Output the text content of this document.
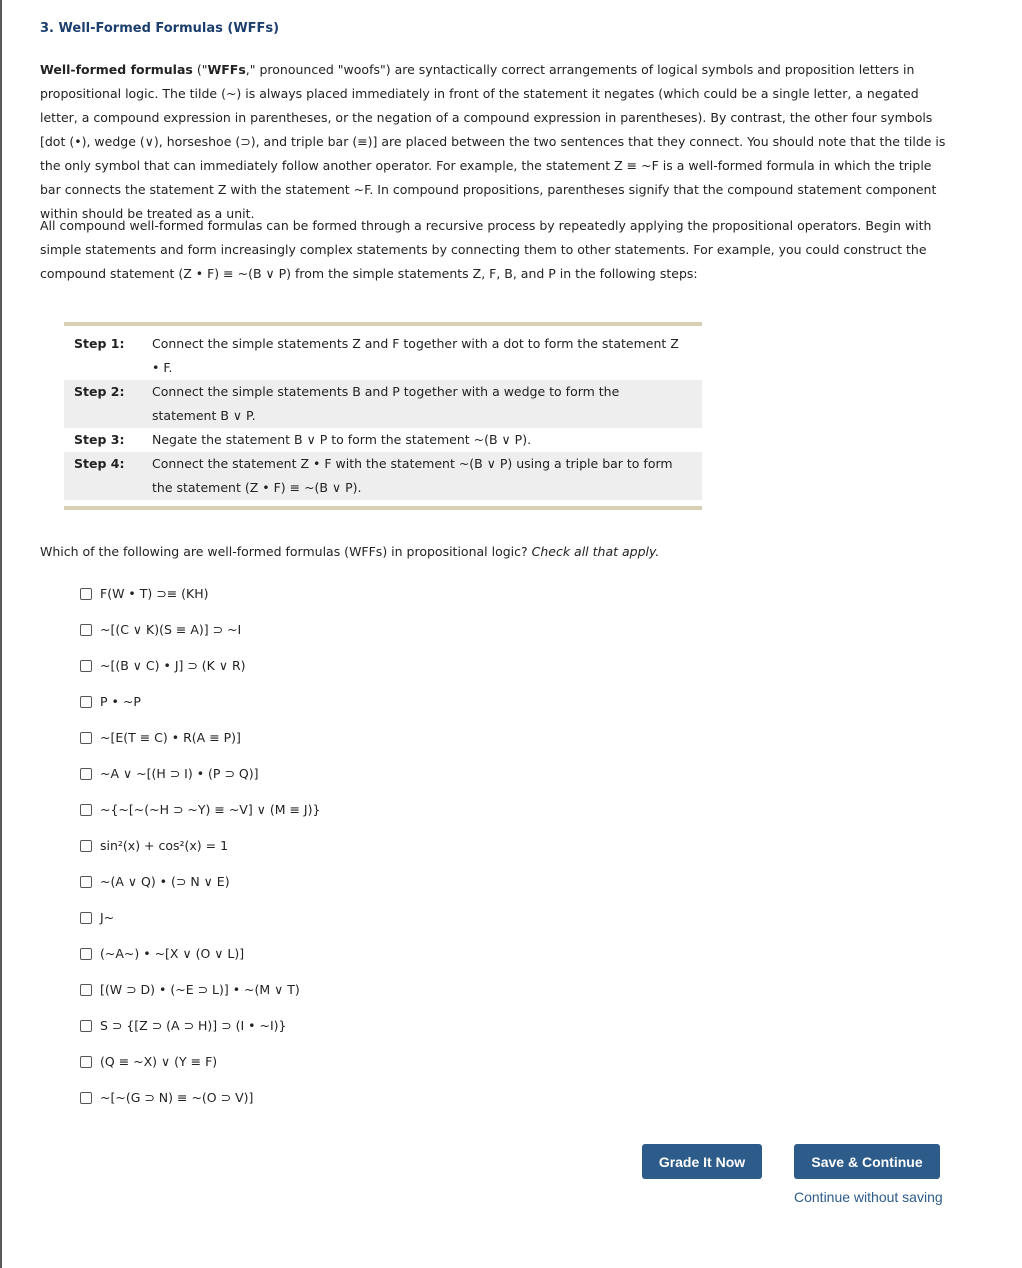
3. Well-Formed Formulas (WFFs)

Well-formed formulas ("WFFs," pronounced "woofs") are syntactically correct arrangements of logical symbols and proposition letters in propositional logic. The tilde (~) is always placed immediately in front of the statement it negates (which could be a single letter, a negated letter, a compound expression in parentheses, or the negation of a compound expression in parentheses). By contrast, the other four symbols [dot (•), wedge (∨), horseshoe (⊃), and triple bar (≡)] are placed between the two sentences that they connect. You should note that the tilde is the only symbol that can immediately follow another operator. For example, the statement Z ≡ ~F is a well-formed formula in which the triple bar connects the statement Z with the statement ~F. In compound propositions, parentheses signify that the compound statement component within should be treated as a unit.

All compound well-formed formulas can be formed through a recursive process by repeatedly applying the propositional operators. Begin with simple statements and form increasingly complex statements by connecting them to other statements. For example, you could construct the compound statement (Z • F) ≡ ~(B ∨ P) from the simple statements Z, F, B, and P in the following steps:

Step 1:	Connect the simple statements Z and F together with a dot to form the statement Z • F.
Step 2:	Connect the simple statements B and P together with a wedge to form the statement B ∨ P.
Step 3:	Negate the statement B ∨ P to form the statement ~(B ∨ P).
Step 4:	Connect the statement Z • F with the statement ~(B ∨ P) using a triple bar to form the statement (Z • F) ≡ ~(B ∨ P).

Which of the following are well-formed formulas (WFFs) in propositional logic? Check all that apply.

F(W • T) ⊃≡ (KH)
~[(C ∨ K)(S ≡ A)] ⊃ ~I
~[(B ∨ C) • J] ⊃ (K ∨ R)
P • ~P
~[E(T ≡ C) • R(A ≡ P)]
~A ∨ ~[(H ⊃ I) • (P ⊃ Q)]
~{~[~(~H ⊃ ~Y) ≡ ~V] ∨ (M ≡ J)}
sin²(x) + cos²(x) = 1
~(A ∨ Q) • (⊃ N ∨ E)
J~
(~A~) • ~[X ∨ (O ∨ L)]
[(W ⊃ D) • (~E ⊃ L)] • ~(M ∨ T)
S ⊃ {[Z ⊃ (A ⊃ H)] ⊃ (I • ~I)}
(Q ≡ ~X) ∨ (Y ≡ F)
~[~(G ⊃ N) ≡ ~(O ⊃ V)]
Grade It Now	Save & Continue
Continue without saving
